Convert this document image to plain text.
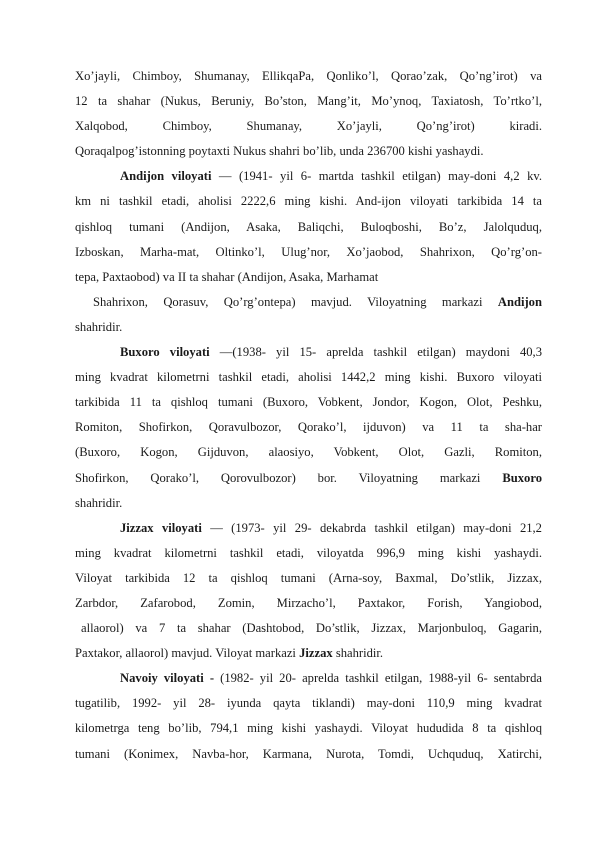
Xo’jayli, Chimboy, Shumanay, EllikqaPa, Qonliko’l, Qorao’zak, Qo’ng’irot) va

12 ta shahar (Nukus, Beruniy, Bo’ston, Mang’it, Mo’ynoq, Taxiatosh, To’rtko’l,

Xalqobod, Chimboy, Shumanay, Xo’jayli, Qo’ng’irot) kiradi.

Qoraqalpog’istonning poytaxti Nukus shahri bo’lib, unda 236700 kishi yashaydi.

Andijon viloyati — (1941- yil 6- martda tashkil etilgan) may-doni 4,2 kv.

km ni tashkil etadi, aholisi 2222,6 ming kishi. And-ijon viloyati tarkibida 14 ta

qishloq tumani (Andijon, Asaka, Baliqchi, Buloqboshi, Bo’z, Jalolquduq,

Izboskan, Marha-mat, Oltinko’l, Ulug’nor, Xo’jaobod, Shahrixon, Qo’rg’on-

tepa, Paxtaobod) va II ta shahar (Andijon, Asaka, Marhamat

Shahrixon, Qorasuv, Qo’rg’ontepa) mavjud. Viloyatning markazi Andijon

shahridir.

Buxoro viloyati —(1938- yil 15- aprelda tashkil etilgan) maydoni 40,3

ming kvadrat kilometrni tashkil etadi, aholisi 1442,2 ming kishi. Buxoro viloyati

tarkibida 11 ta qishloq tumani (Buxoro, Vobkent, Jondor, Kogon, Olot, Peshku,

Romiton, Shofirkon, Qoravulbozor, Qorako’l, ijduvon) va 11 ta sha-har

(Buxoro, Kogon, Gijduvon, alaosiyo, Vobkent, Olot, Gazli, Romiton,

Shofirkon, Qorako’l, Qorovulbozor) bor. Viloyatning markazi Buxoro

shahridir.

Jizzax viloyati — (1973- yil 29- dekabrda tashkil etilgan) may-doni 21,2

ming kvadrat kilometrni tashkil etadi, viloyatda 996,9 ming kishi yashaydi.

Viloyat tarkibida 12 ta qishloq tumani (Arna-soy, Baxmal, Do’stlik, Jizzax,

Zarbdor, Zafarobod, Zomin, Mirzacho’l, Paxtakor, Forish, Yangiobod,

allaorol) va 7 ta shahar (Dashtobod, Do’stlik, Jizzax, Marjonbuloq, Gagarin,

Paxtakor, allaorol) mavjud. Viloyat markazi Jizzax shahridir.

Navoiy viloyati - (1982- yil 20- aprelda tashkil etilgan, 1988-yil 6- sentabrda

tugatilib, 1992- yil 28- iyunda qayta tiklandi) may-doni 110,9 ming kvadrat

kilometrga teng bo’lib, 794,1 ming kishi yashaydi. Viloyat hududida 8 ta qishloq

tumani (Konimex, Navba-hor, Karmana, Nurota, Tomdi, Uchquduq, Xatirchi,
